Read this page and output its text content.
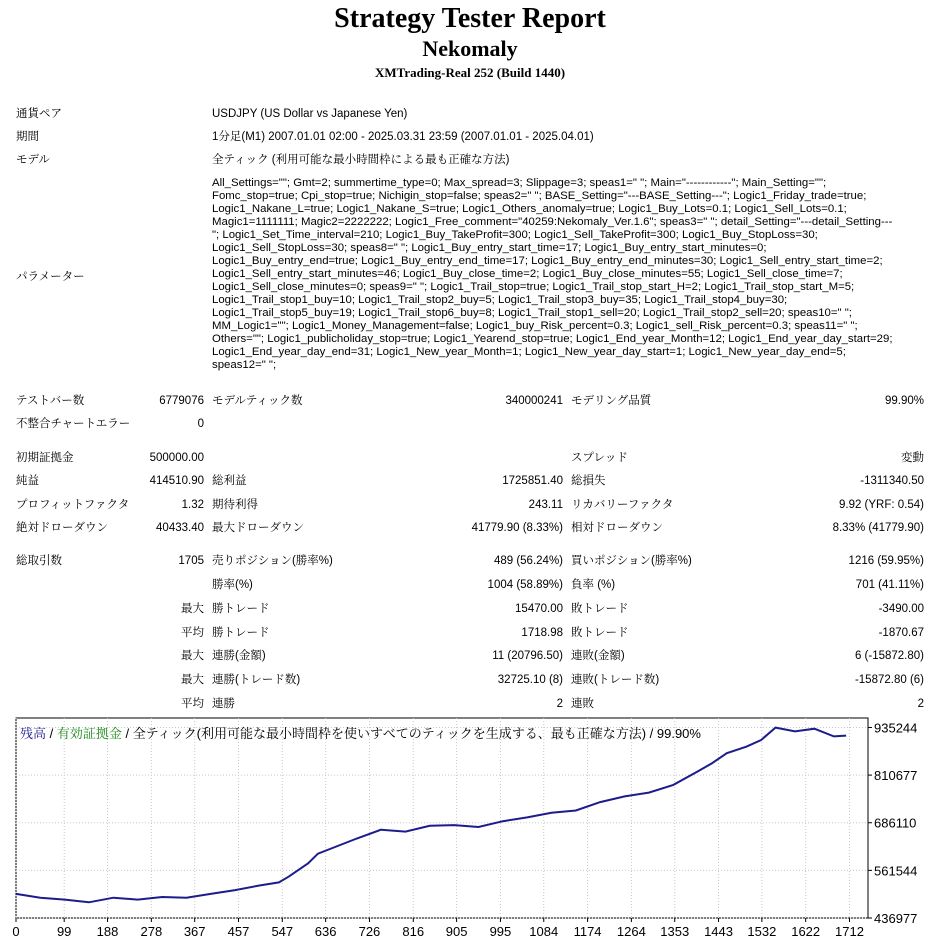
Strategy Tester Report
Nekomaly
XMTrading-Real 252 (Build 1440)
通貨ペア	USDJPY (US Dollar vs Japanese Yen)
期間	1分足(M1) 2007.01.01 02:00 - 2025.03.31 23:59 (2007.01.01 - 2025.04.01)
モデル	全ティック (利用可能な最小時間枠による最も正確な方法)
パラメーター
All_Settings=""; Gmt=2; summertime_type=0; Max_spread=3; Slippage=3; speas1=" "; Main="------------"; Main_Setting="";
Fomc_stop=true; Cpi_stop=true; Nichigin_stop=false; speas2=" "; BASE_Setting="---BASE_Setting---"; Logic1_Friday_trade=true;
Logic1_Nakane_L=true; Logic1_Nakane_S=true; Logic1_Others_anomaly=true; Logic1_Buy_Lots=0.1; Logic1_Sell_Lots=0.1;
Magic1=1111111; Magic2=2222222; Logic1_Free_comment="40259:Nekomaly_Ver.1.6"; speas3=" "; detail_Setting="---detail_Setting---
"; Logic1_Set_Time_interval=210; Logic1_Buy_TakeProfit=300; Logic1_Sell_TakeProfit=300; Logic1_Buy_StopLoss=30;
Logic1_Sell_StopLoss=30; speas8=" "; Logic1_Buy_entry_start_time=17; Logic1_Buy_entry_start_minutes=0;
Logic1_Buy_entry_end=true; Logic1_Buy_entry_end_time=17; Logic1_Buy_entry_end_minutes=30; Logic1_Sell_entry_start_time=2;
Logic1_Sell_entry_start_minutes=46; Logic1_Buy_close_time=2; Logic1_Buy_close_minutes=55; Logic1_Sell_close_time=7;
Logic1_Sell_close_minutes=0; speas9=" "; Logic1_Trail_stop=true; Logic1_Trail_stop_start_H=2; Logic1_Trail_stop_start_M=5;
Logic1_Trail_stop1_buy=10; Logic1_Trail_stop2_buy=5; Logic1_Trail_stop3_buy=35; Logic1_Trail_stop4_buy=30;
Logic1_Trail_stop5_buy=19; Logic1_Trail_stop6_buy=8; Logic1_Trail_stop1_sell=20; Logic1_Trail_stop2_sell=20; speas10=" ";
MM_Logic1=""; Logic1_Money_Management=false; Logic1_buy_Risk_percent=0.3; Logic1_sell_Risk_percent=0.3; speas11=" ";
Others=""; Logic1_publicholiday_stop=true; Logic1_Yearend_stop=true; Logic1_End_year_Month=12; Logic1_End_year_day_start=29;
Logic1_End_year_day_end=31; Logic1_New_year_Month=1; Logic1_New_year_day_start=1; Logic1_New_year_day_end=5;
speas12=" ";
テストバー数	6779076 モデルティック数	340000241 モデリング品質	99.90%
不整合チャートエラー	0
初期証拠金	500000.00	スプレッド	変動
純益	414510.90 総利益	1725851.40 総損失	-1311340.50
プロフィットファクタ	1.32 期待利得	243.11 リカバリーファクタ	9.92 (YRF: 0.54)
絶対ドローダウン	40433.40 最大ドローダウン	41779.90 (8.33%) 相対ドローダウン	8.33% (41779.90)
総取引数	1705 売りポジション(勝率%)	489 (56.24%) 買いポジション(勝率%)	1216 (59.95%)
勝率(%)	1004 (58.89%) 負率 (%)	701 (41.11%)
最大 勝トレード	15470.00 敗トレード	-3490.00
平均 勝トレード	1718.98 敗トレード	-1870.67
最大 連勝(金額)	11 (20796.50) 連敗(金額)	6 (-15872.80)
最大 連勝(トレード数)	32725.10 (8) 連敗(トレード数)	-15872.80 (6)
平均 連勝	2 連敗	2
0	99 188 278 367 457 547 636 726 816 905 995 1084 1174 1264 1353 1443 1532 1622 1712
436977
561544
686110
810677
935244
残高 / 有効証拠金 / 全ティック(利用可能な最小時間枠を使いすべてのティックを生成する、最も正確な方法) / 99.90%
